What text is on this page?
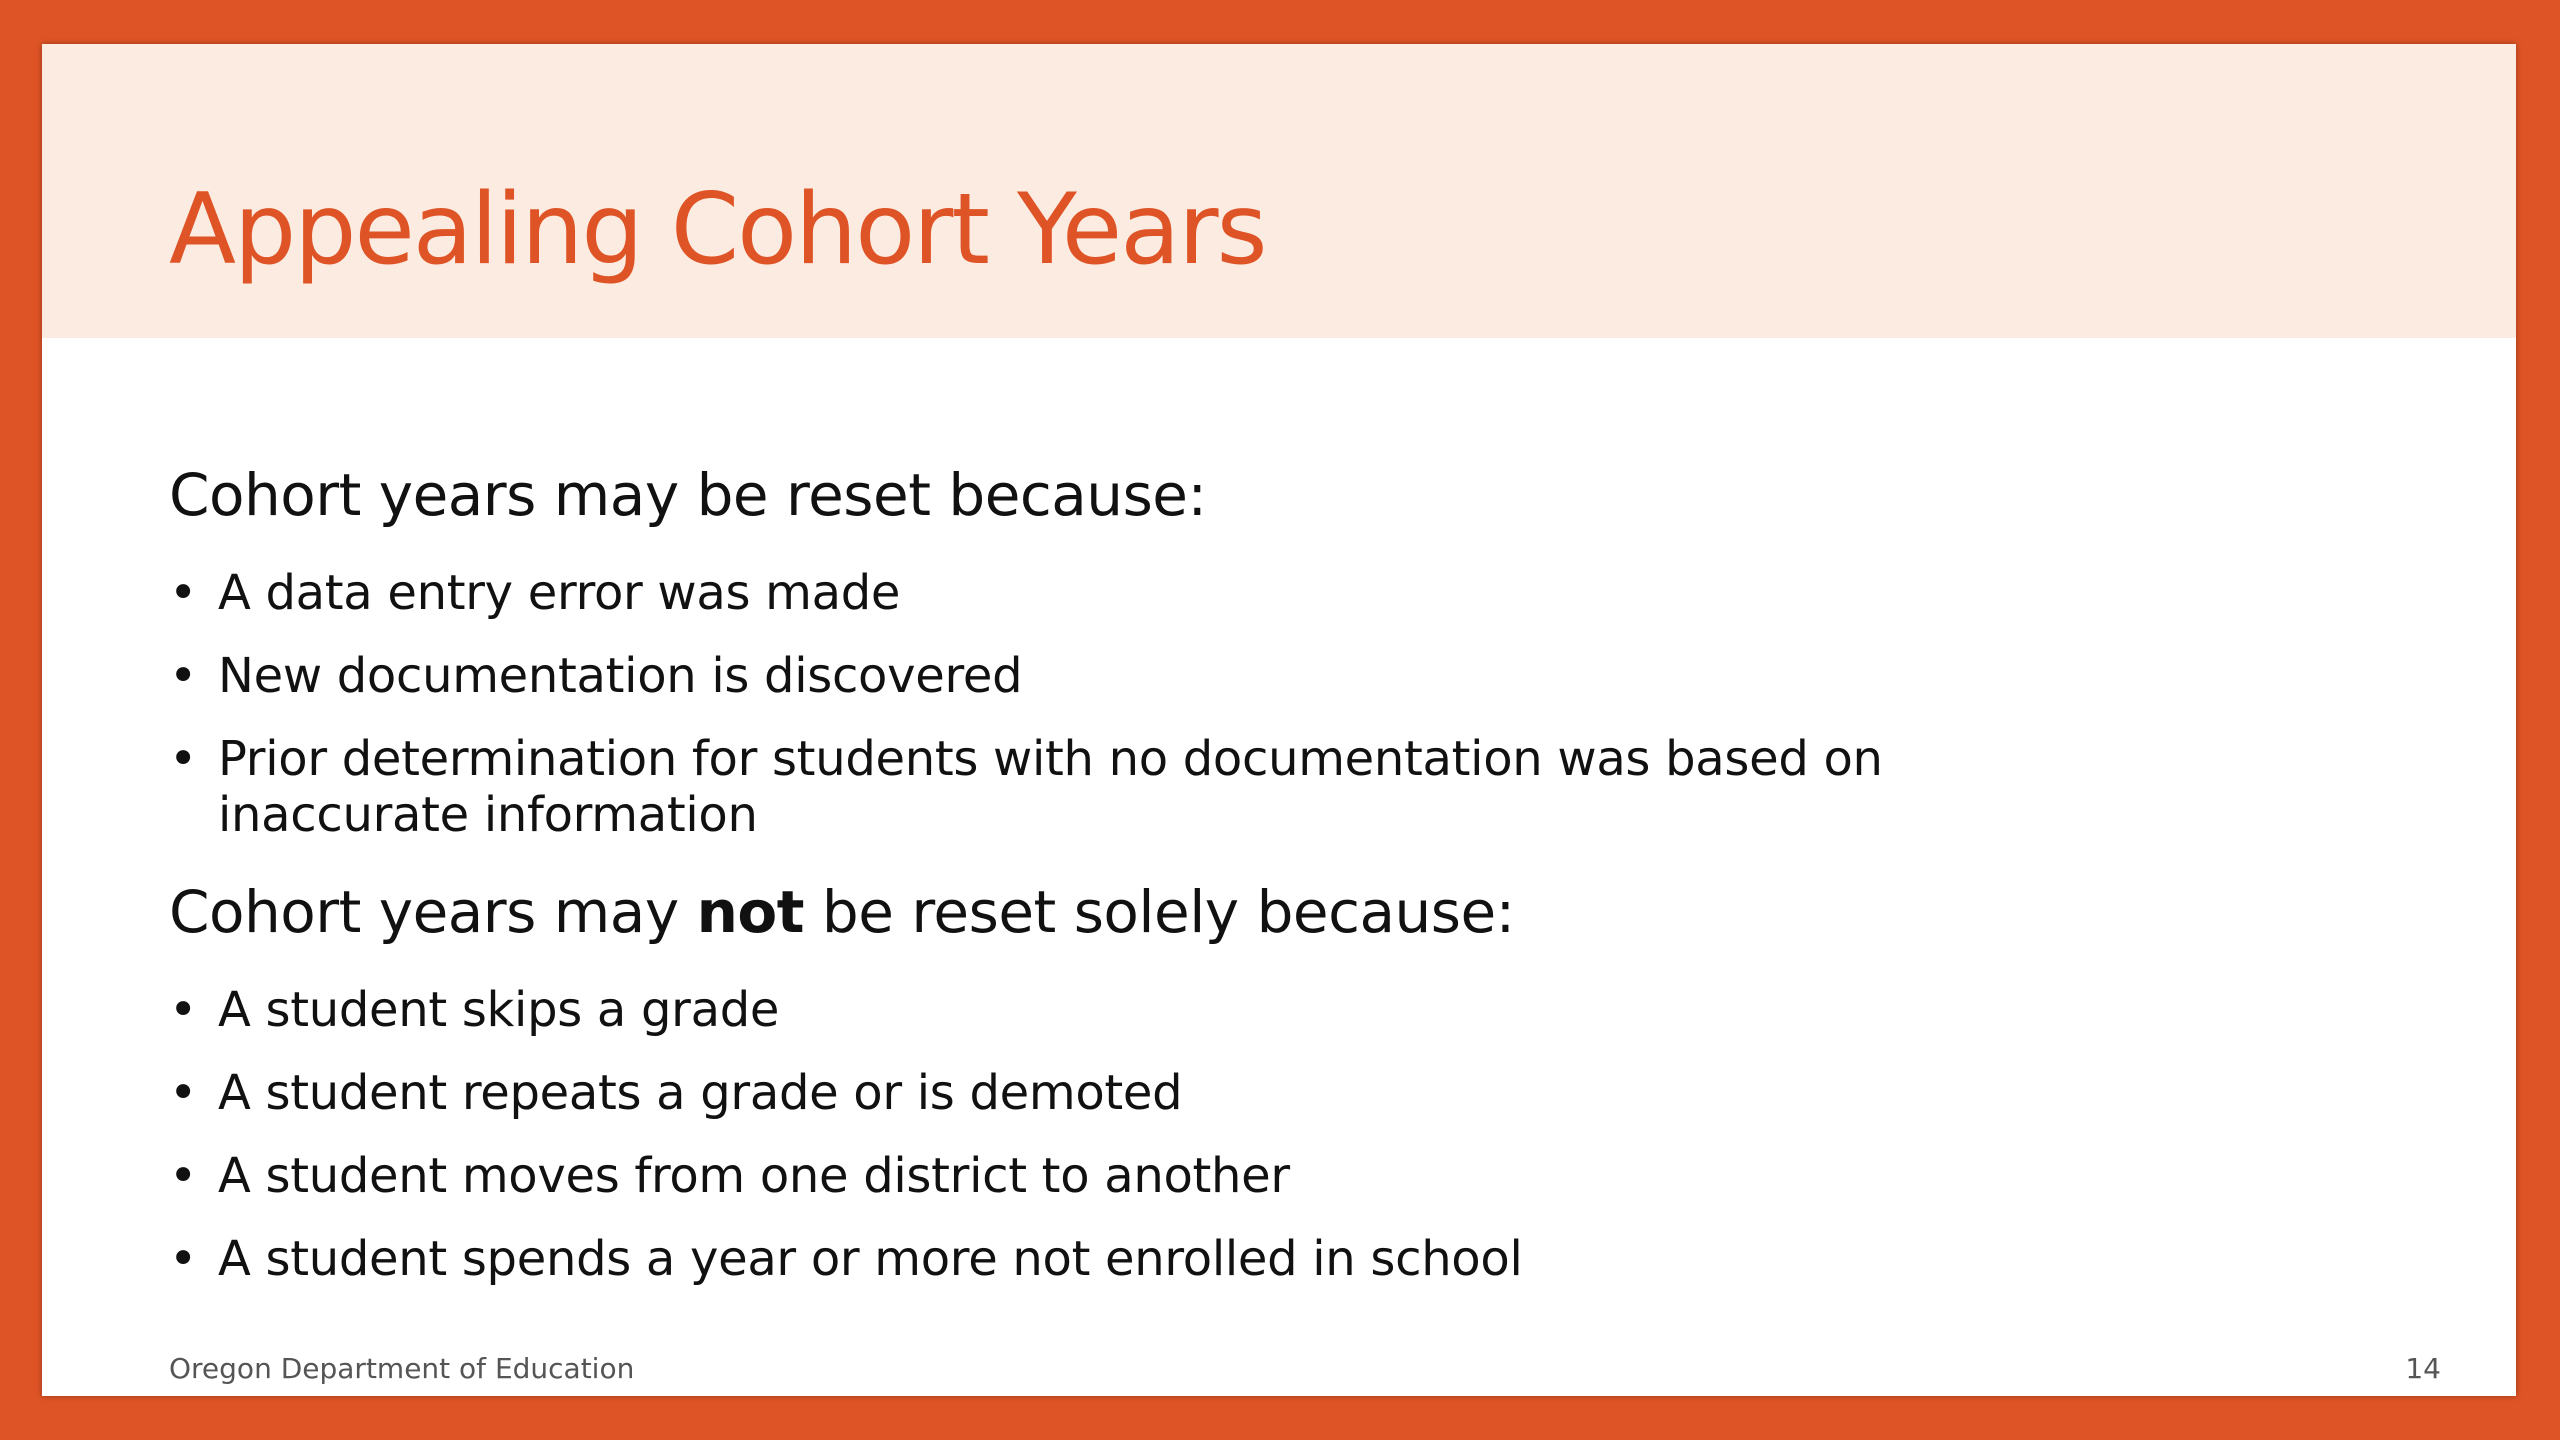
Appealing Cohort Years

Cohort years may be reset because:

• A data entry error was made
• New documentation is discovered
• Prior determination for students with no documentation was based on inaccurate information

Cohort years may not be reset solely because:

• A student skips a grade
• A student repeats a grade or is demoted
• A student moves from one district to another
• A student spends a year or more not enrolled in school
Oregon Department of Education	14
